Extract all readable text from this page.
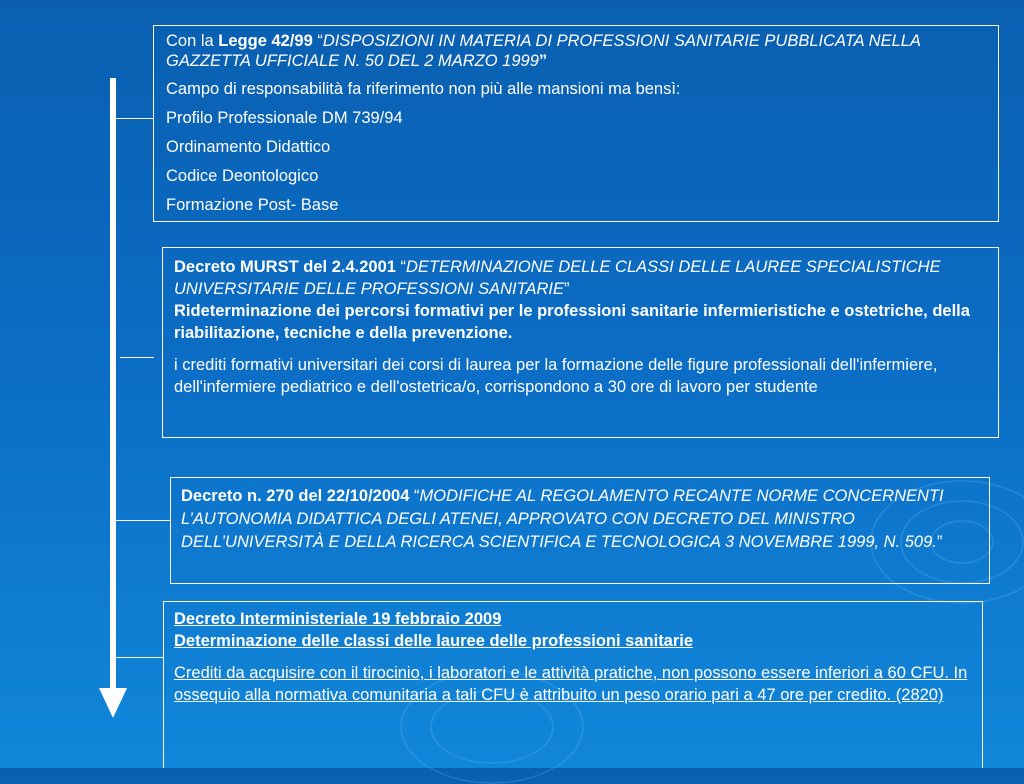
Con la Legge 42/99 “DISPOSIZIONI IN MATERIA DI PROFESSIONI SANITARIE PUBBLICATA NELLA GAZZETTA UFFICIALE N. 50 DEL 2 MARZO 1999”

Campo di responsabilità fa riferimento non più alle mansioni ma bensì:

Profilo Professionale DM 739/94

Ordinamento Didattico

Codice Deontologico

Formazione Post- Base

Decreto MURST del 2.4.2001 “DETERMINAZIONE DELLE CLASSI DELLE LAUREE SPECIALISTICHE UNIVERSITARIE DELLE PROFESSIONI SANITARIE”

Rideterminazione dei percorsi formativi per le professioni sanitarie infermieristiche e ostetriche, della riabilitazione, tecniche e della prevenzione.

i crediti formativi universitari dei corsi di laurea per la formazione delle figure professionali dell'infermiere, dell'infermiere pediatrico e dell'ostetrica/o, corrispondono a 30 ore di lavoro per studente

Decreto n. 270 del 22/10/2004 “MODIFICHE AL REGOLAMENTO RECANTE NORME CONCERNENTI L’AUTONOMIA DIDATTICA DEGLI ATENEI, APPROVATO CON DECRETO DEL MINISTRO DELL’UNIVERSITÀ E DELLA RICERCA SCIENTIFICA E TECNOLOGICA 3 NOVEMBRE 1999, N. 509.”

Decreto Interministeriale 19 febbraio 2009

Determinazione delle classi delle lauree delle professioni sanitarie

Crediti da acquisire con il tirocinio, i laboratori e le attività pratiche, non possono essere inferiori a 60 CFU. In ossequio alla normativa comunitaria a tali CFU è attribuito un peso orario pari a 47 ore per credito. (2820)
